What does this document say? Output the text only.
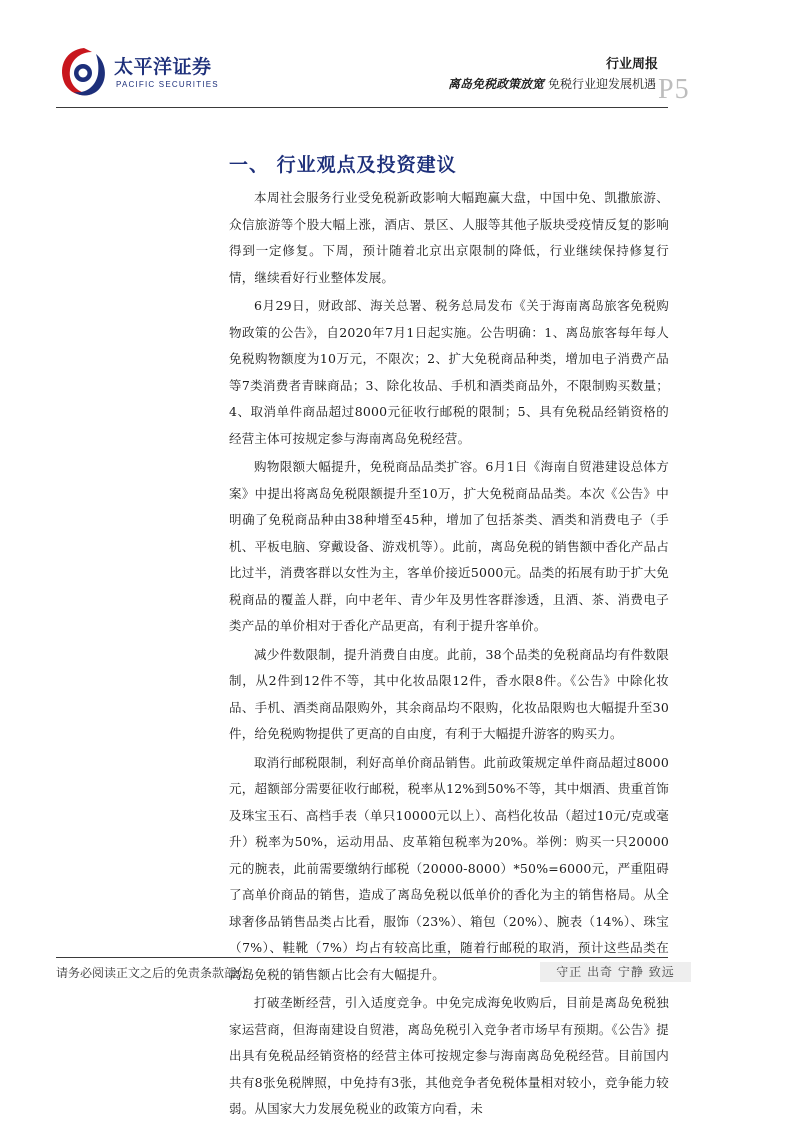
太平洋证券
PACIFIC SECURITIES
行业周报
离岛免税政策放宽 免税行业迎发展机遇 P5
一、 行业观点及投资建议

本周社会服务行业受免税新政影响大幅跑赢大盘，中国中免、凯撒旅游、众信旅游等个股大幅上涨，酒店、景区、人服等其他子版块受疫情反复的影响得到一定修复。下周，预计随着北京出京限制的降低，行业继续保持修复行情，继续看好行业整体发展。

6月29日，财政部、海关总署、税务总局发布《关于海南离岛旅客免税购物政策的公告》，自2020年7月1日起实施。公告明确：1、离岛旅客每年每人免税购物额度为10万元，不限次；2、扩大免税商品种类，增加电子消费产品等7类消费者青睐商品；3、除化妆品、手机和酒类商品外，不限制购买数量；4、取消单件商品超过8000元征收行邮税的限制；5、具有免税品经销资格的经营主体可按规定参与海南离岛免税经营。

购物限额大幅提升，免税商品品类扩容。6月1日《海南自贸港建设总体方案》中提出将离岛免税限额提升至10万，扩大免税商品品类。本次《公告》中明确了免税商品种由38种增至45种，增加了包括茶类、酒类和消费电子（手机、平板电脑、穿戴设备、游戏机等）。此前，离岛免税的销售额中香化产品占比过半，消费客群以女性为主，客单价接近5000元。品类的拓展有助于扩大免税商品的覆盖人群，向中老年、青少年及男性客群渗透，且酒、茶、消费电子类产品的单价相对于香化产品更高，有利于提升客单价。

减少件数限制，提升消费自由度。此前，38个品类的免税商品均有件数限制，从2件到12件不等，其中化妆品限12件，香水限8件。《公告》中除化妆品、手机、酒类商品限购外，其余商品均不限购，化妆品限购也大幅提升至30件，给免税购物提供了更高的自由度，有利于大幅提升游客的购买力。

取消行邮税限制，利好高单价商品销售。此前政策规定单件商品超过8000元，超额部分需要征收行邮税，税率从12%到50%不等，其中烟酒、贵重首饰及珠宝玉石、高档手表（单只10000元以上）、高档化妆品（超过10元/克或毫升）税率为50%，运动用品、皮革箱包税率为20%。举例：购买一只20000元的腕表，此前需要缴纳行邮税（20000-8000）*50%=6000元，严重阻碍了高单价商品的销售，造成了离岛免税以低单价的香化为主的销售格局。从全球奢侈品销售品类占比看，服饰（23%）、箱包（20%）、腕表（14%）、珠宝（7%）、鞋靴（7%）均占有较高比重，随着行邮税的取消，预计这些品类在离岛免税的销售额占比会有大幅提升。

打破垄断经营，引入适度竞争。中免完成海免收购后，目前是离岛免税独家运营商，但海南建设自贸港，离岛免税引入竞争者市场早有预期。《公告》提出具有免税品经销资格的经营主体可按规定参与海南离岛免税经营。目前国内共有8张免税牌照，中免持有3张，其他竞争者免税体量相对较小，竞争能力较弱。从国家大力发展免税业的政策方向看，未

请务必阅读正文之后的免责条款部分	守正 出奇 宁静 致远
